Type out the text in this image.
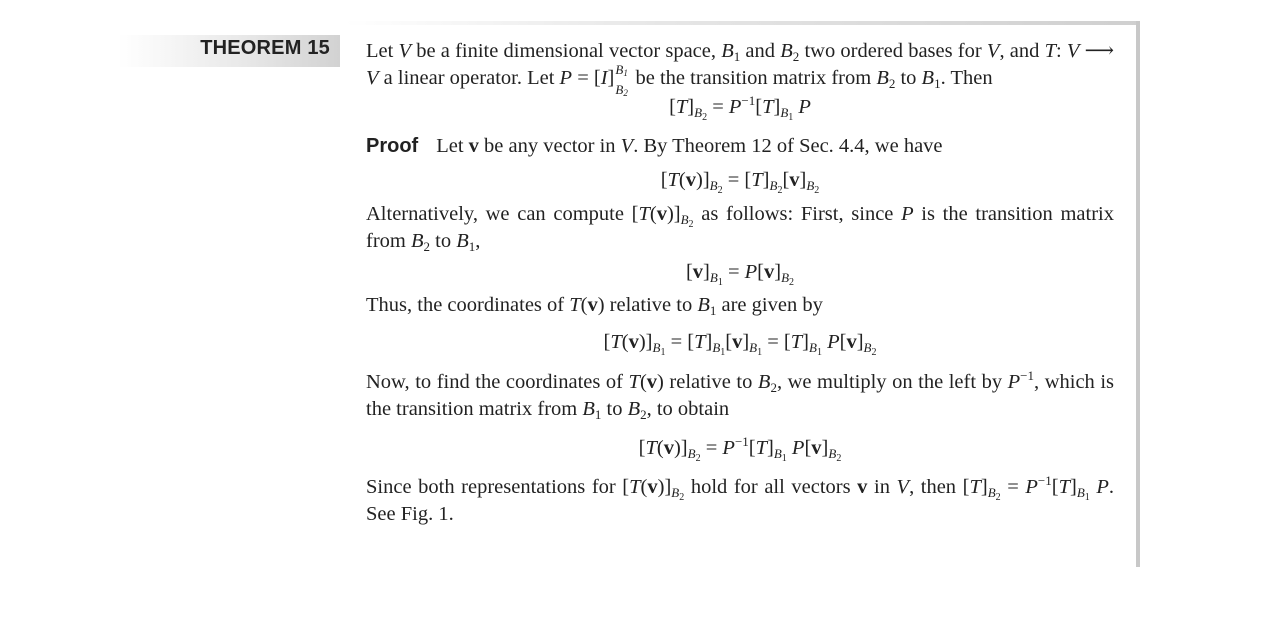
THEOREM 15 Let V be a finite dimensional vector space, $B_1$ and $B_2$ two ordered bases for V, and T: V ⟶ V a linear operator. Let P = [I] $B_1$
$B_2$
be the transition matrix from $B_2$ to $B_1$. Then

$[T]_{B_2} = P^{-1}[T]_{B_1}$ P

Proof Let v be any vector in V. By Theorem 12 of Sec. 4.4, we have

$[T(v)]_{B_2} = [T]_{B_2}[v]_{B_2}$

Alternatively, we can compute $[T(v)]_{B_2}$ as follows: First, since P is the transition matrix from $B_2$ to $B_1$,

$[v]_{B_1} = P[v]_{B_2}$

Thus, the coordinates of T(v) relative to $B_1$ are given by

$[T(v)]_{B_1} = [T]_{B_1}[v]_{B_1} = [T]_{B_1}$ $P[v]_{B_2}$

Now, to find the coordinates of T(v) relative to $B_2$, we multiply on the left by $P^{-1}$, which is the transition matrix from $B_1$ to $B_2$, to obtain

$[T(v)]_{B_2} = P^{-1}[T]_{B_1}$ $P[v]_{B_2}$

Since both representations for $[T(v)]_{B_2}$ hold for all vectors v in V, then $[T]_{B_2} = P^{-1}[T]_{B_1}$ P. See Fig. 1.
